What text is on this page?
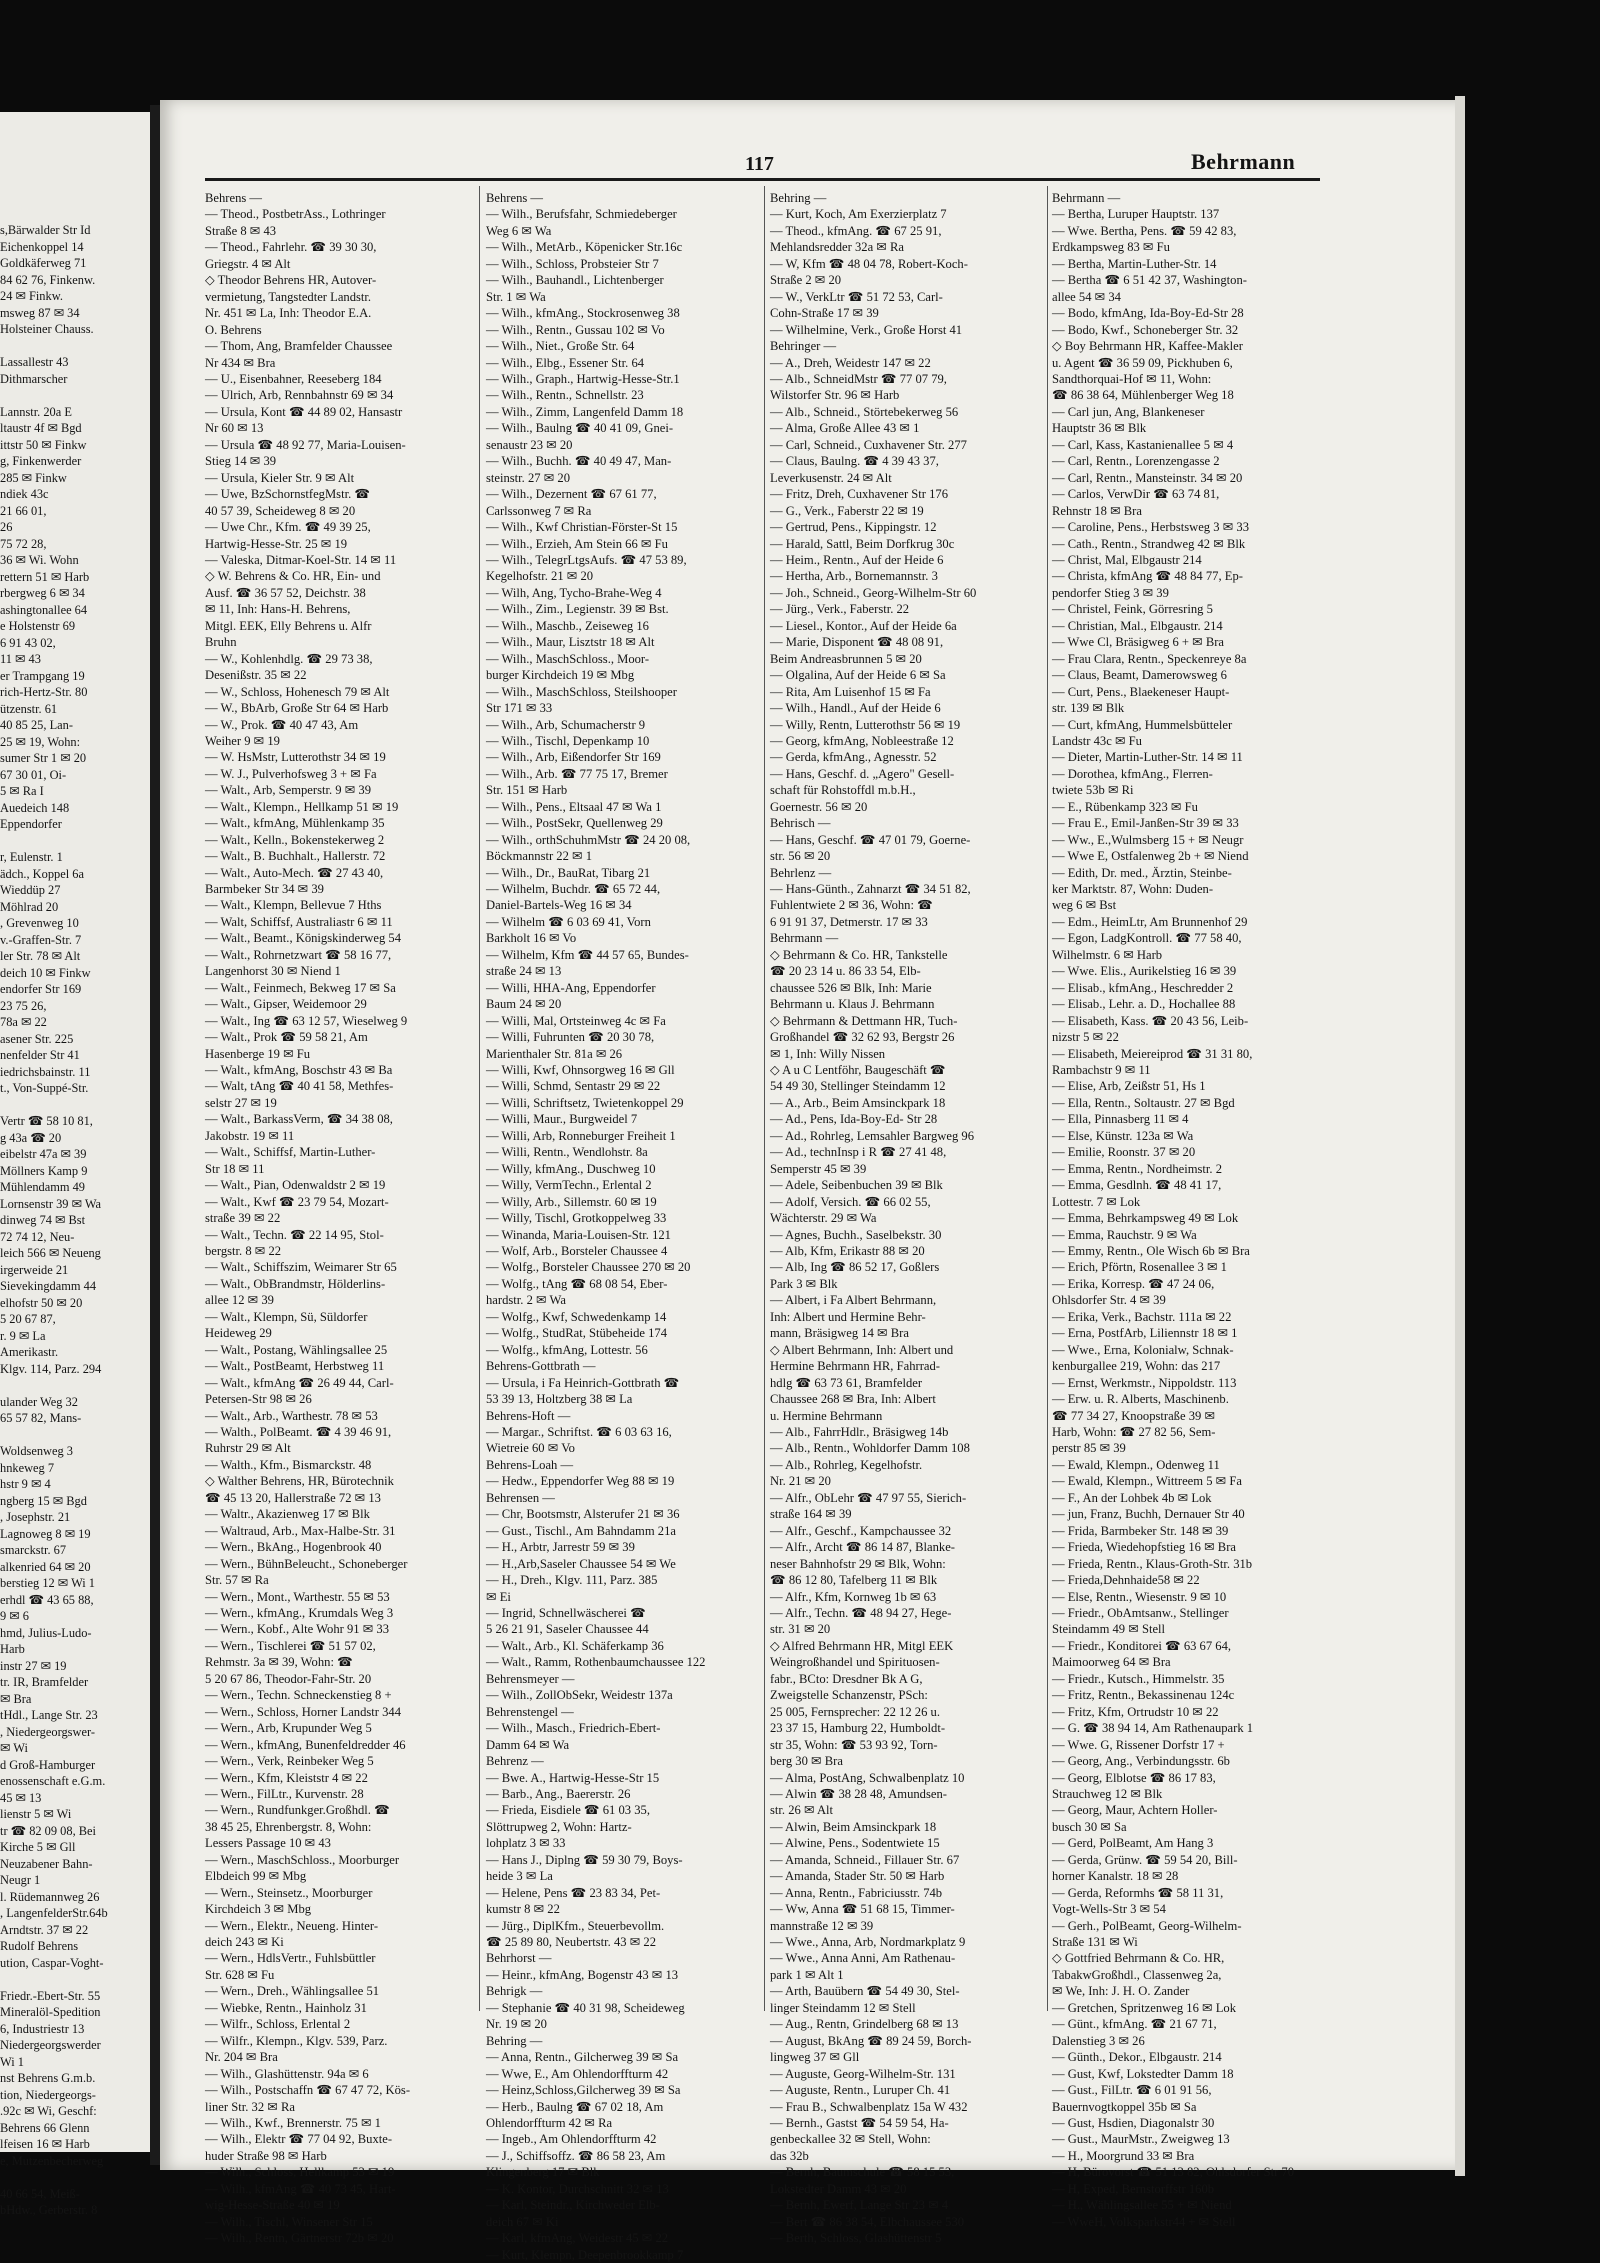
s,Bärwalder Str Id
Eichenkoppel 14
Goldkäferweg 71
84 62 76, Finkenw.
24 ✉ Finkw.
msweg 87 ✉ 34
Holsteiner Chauss.

Lassallestr 43
Dithmarscher

Lannstr. 20a E
ltaustr 4f ✉ Bgd
ittstr 50 ✉ Finkw
g, Finkenwerder
285 ✉ Finkw
ndiek 43c
21 66 01,
26
75 72 28,
36 ✉ Wi. Wohn
rettern 51 ✉ Harb
rbergweg 6 ✉ 34
ashingtonallee 64
e Holstenstr 69
6 91 43 02,
11 ✉ 43
er Trampgang 19
rich-Hertz-Str. 80
ützenstr. 61
40 85 25, Lan-
25 ✉ 19, Wohn:
sumer Str 1 ✉ 20
67 30 01, Oi-
5 ✉ Ra I
Auedeich 148
Eppendorfer

r, Eulenstr. 1
ädch., Koppel 6a
Wieddüp 27
Möhlrad 20
, Grevenweg 10
v.-Graffen-Str. 7
ler Str. 78 ✉ Alt
deich 10 ✉ Finkw
endorfer Str 169
23 75 26,
78a ✉ 22
asener Str. 225
nenfelder Str 41
iedrichsbainstr. 11
t., Von-Suppé-Str.

Vertr ☎ 58 10 81,
g 43a ☎ 20
eibelstr 47a ✉ 39
Möllners Kamp 9
Mühlendamm 49
Lornsenstr 39 ✉ Wa
dinweg 74 ✉ Bst
72 74 12, Neu-
leich 566 ✉ Neueng
irgerweide 21
Sievekingdamm 44
elhofstr 50 ✉ 20
5 20 67 87,
r. 9 ✉ La
Amerikastr.
Klgv. 114, Parz. 294

ulander Weg 32
65 57 82, Mans-

Woldsenweg 3
hnkeweg 7
hstr 9 ✉ 4
ngberg 15 ✉ Bgd
, Josephstr. 21
Lagnoweg 8 ✉ 19
smarckstr. 67
alkenried 64 ✉ 20
berstieg 12 ✉ Wi 1
erhdl ☎ 43 65 88,
9 ✉ 6
hmd, Julius-Ludo-
Harb
instr 27 ✉ 19
tr. IR, Bramfelder
✉ Bra
tHdl., Lange Str. 23
, Niedergeorgswer-
✉ Wi
d Groß-Hamburger
enossenschaft e.G.m.
45 ✉ 13
lienstr 5 ✉ Wi
tr ☎ 82 09 08, Bei
Kirche 5 ✉ Gll
Neuzabener Bahn-
Neugr 1
l. Rüdemannweg 26
, LangenfelderStr.64b
Arndtstr. 37 ✉ 22
Rudolf Behrens
ution, Caspar-Voght-

Friedr.-Ebert-Str. 55
Mineralöl-Spedition
6, Industriestr 13
Niedergeorgswerder
Wi 1
nst Behrens G.m.b.
tion, Niedergeorgs-
.92c ✉ Wi, Geschf:
Behrens 66 Glenn
lfeisen 16 ✉ Harb
e, Mutzenbecherweg

40 66 54, Meiß-
bHdw., Gerberstr. 8
117	Behrmann
Behrens —
— Theod., PostbetrAss., Lothringer
Straße 8 ✉ 43
— Theod., Fahrlehr. ☎ 39 30 30,
Griegstr. 4 ✉ Alt
◇ Theodor Behrens HR, Autover-
vermietung, Tangstedter Landstr.
Nr. 451 ✉ La, Inh: Theodor E.A.
O. Behrens
— Thom, Ang, Bramfelder Chaussee
Nr 434 ✉ Bra
— U., Eisenbahner, Reeseberg 184
— Ulrich, Arb, Rennbahnstr 69 ✉ 34
— Ursula, Kont ☎ 44 89 02, Hansastr
Nr 60 ✉ 13
— Ursula ☎ 48 92 77, Maria-Louisen-
Stieg 14 ✉ 39
— Ursula, Kieler Str. 9 ✉ Alt
— Uwe, BzSchornstfegMstr. ☎
40 57 39, Scheideweg 8 ✉ 20
— Uwe Chr., Kfm. ☎ 49 39 25,
Hartwig-Hesse-Str. 25 ✉ 19
— Valeska, Ditmar-Koel-Str. 14 ✉ 11
◇ W. Behrens & Co. HR, Ein- und
Ausf. ☎ 36 57 52, Deichstr. 38
✉ 11, Inh: Hans-H. Behrens,
Mitgl. EEK, Elly Behrens u. Alfr
Bruhn
— W., Kohlenhdlg. ☎ 29 73 38,
Desenißstr. 35 ✉ 22
— W., Schloss, Hohenesch 79 ✉ Alt
— W., BbArb, Große Str 64 ✉ Harb
— W., Prok. ☎ 40 47 43, Am
Weiher 9 ✉ 19
— W. HsMstr, Lutterothstr 34 ✉ 19
— W. J., Pulverhofsweg 3 + ✉ Fa
— Walt., Arb, Semperstr. 9 ✉ 39
— Walt., Klempn., Hellkamp 51 ✉ 19
— Walt., kfmAng, Mühlenkamp 35
— Walt., Kelln., Bokenstekerweg 2
— Walt., B. Buchhalt., Hallerstr. 72
— Walt., Auto-Mech. ☎ 27 43 40,
Barmbeker Str 34 ✉ 39
— Walt., Klempn, Bellevue 7 Hths
— Walt, Schiffsf, Australiastr 6 ✉ 11
— Walt., Beamt., Königskinderweg 54
— Walt., Rohrnetzwart ☎ 58 16 77,
Langenhorst 30 ✉ Niend 1
— Walt., Feinmech, Bekweg 17 ✉ Sa
— Walt., Gipser, Weidemoor 29
— Walt., Ing ☎ 63 12 57, Wieselweg 9
— Walt., Prok ☎ 59 58 21, Am
Hasenberge 19 ✉ Fu
— Walt., kfmAng, Boschstr 43 ✉ Ba
— Walt, tAng ☎ 40 41 58, Methfes-
selstr 27 ✉ 19
— Walt., BarkassVerm, ☎ 34 38 08,
Jakobstr. 19 ✉ 11
— Walt., Schiffsf, Martin-Luther-
Str 18 ✉ 11
— Walt., Pian, Odenwaldstr 2 ✉ 19
— Walt., Kwf ☎ 23 79 54, Mozart-
straße 39 ✉ 22
— Walt., Techn. ☎ 22 14 95, Stol-
bergstr. 8 ✉ 22
— Walt., Schiffszim, Weimarer Str 65
— Walt., ObBrandmstr, Hölderlins-
allee 12 ✉ 39
— Walt., Klempn, Sü, Süldorfer
Heideweg 29
— Walt., Postang, Wählingsallee 25
— Walt., PostBeamt, Herbstweg 11
— Walt., kfmAng ☎ 26 49 44, Carl-
Petersen-Str 98 ✉ 26
— Walt., Arb., Warthestr. 78 ✉ 53
— Walth., PolBeamt. ☎ 4 39 46 91,
Ruhrstr 29 ✉ Alt
— Walth., Kfm., Bismarckstr. 48
◇ Walther Behrens, HR, Bürotechnik
☎ 45 13 20, Hallerstraße 72 ✉ 13
— Waltr., Akazienweg 17 ✉ Blk
— Waltraud, Arb., Max-Halbe-Str. 31
— Wern., BkAng., Hogenbrook 40
— Wern., BühnBeleucht., Schoneberger
Str. 57 ✉ Ra
— Wern., Mont., Warthestr. 55 ✉ 53
— Wern., kfmAng., Krumdals Weg 3
— Wern., Kobf., Alte Wohr 91 ✉ 33
— Wern., Tischlerei ☎ 51 57 02,
Rehmstr. 3a ✉ 39, Wohn: ☎
5 20 67 86, Theodor-Fahr-Str. 20
— Wern., Techn. Schneckenstieg 8 +
— Wern., Schloss, Horner Landstr 344
— Wern., Arb, Krupunder Weg 5
— Wern., kfmAng, Bunenfeldredder 46
— Wern., Verk, Reinbeker Weg 5
— Wern., Kfm, Kleiststr 4 ✉ 22
— Wern., FilLtr., Kurvenstr. 28
— Wern., Rundfunkger.Großhdl. ☎
38 45 25, Ehrenbergstr. 8, Wohn:
Lessers Passage 10 ✉ 43
— Wern., MaschSchloss., Moorburger
Elbdeich 99 ✉ Mbg
— Wern., Steinsetz., Moorburger
Kirchdeich 3 ✉ Mbg
— Wern., Elektr., Neueng. Hinter-
deich 243 ✉ Ki
— Wern., HdlsVertr., Fuhlsbüttler
Str. 628 ✉ Fu
— Wern., Dreh., Wählingsallee 51
— Wiebke, Rentn., Hainholz 31
— Wilfr., Schloss, Erlental 2
— Wilfr., Klempn., Klgv. 539, Parz.
Nr. 204 ✉ Bra
— Wilh., Glashüttenstr. 94a ✉ 6
— Wilh., Postschaffn ☎ 67 47 72, Kös-
liner Str. 32 ✉ Ra
— Wilh., Kwf., Brennerstr. 75 ✉ 1
— Wilh., Elektr ☎ 77 04 92, Buxte-
huder Straße 98 ✉ Harb
— Wilh., Schloss, Hellkamp 53 ✉ 19
— Wilh., kfmAng ☎ 40 73 45, Hart-
wig-Hesse-Straße 40 ✉ 19
— Wilh., Tischl, Winsener Str 15
— Wilh., Rentn, Gärtnerstr 72b ✉ 20
Behrens —
— Wilh., Berufsfahr, Schmiedeberger
Weg 6 ✉ Wa
— Wilh., MetArb., Köpenicker Str.16c
— Wilh., Schloss, Probsteier Str 7
— Wilh., Bauhandl., Lichtenberger
Str. 1 ✉ Wa
— Wilh., kfmAng., Stockrosenweg 38
— Wilh., Rentn., Gussau 102 ✉ Vo
— Wilh., Niet., Große Str. 64
— Wilh., Elbg., Essener Str. 64
— Wilh., Graph., Hartwig-Hesse-Str.1
— Wilh., Rentn., Schnellstr. 23
— Wilh., Zimm, Langenfeld Damm 18
— Wilh., Baulng ☎ 40 41 09, Gnei-
senaustr 23 ✉ 20
— Wilh., Buchh. ☎ 40 49 47, Man-
steinstr. 27 ✉ 20
— Wilh., Dezernent ☎ 67 61 77,
Carlssonweg 7 ✉ Ra
— Wilh., Kwf Christian-Förster-St 15
— Wilh., Erzieh, Am Stein 66 ✉ Fu
— Wilh., TelegrLtgsAufs. ☎ 47 53 89,
Kegelhofstr. 21 ✉ 20
— Wilh, Ang, Tycho-Brahe-Weg 4
— Wilh., Zim., Legienstr. 39 ✉ Bst.
— Wilh., Maschb., Zeiseweg 16
— Wilh., Maur, Lisztstr 18 ✉ Alt
— Wilh., MaschSchloss., Moor-
burger Kirchdeich 19 ✉ Mbg
— Wilh., MaschSchloss, Steilshooper
Str 171 ✉ 33
— Wilh., Arb, Schumacherstr 9
— Wilh., Tischl, Depenkamp 10
— Wilh., Arb, Eißendorfer Str 169
— Wilh., Arb. ☎ 77 75 17, Bremer
Str. 151 ✉ Harb
— Wilh., Pens., Eltsaal 47 ✉ Wa 1
— Wilh., PostSekr, Quellenweg 29
— Wilh., orthSchuhmMstr ☎ 24 20 08,
Böckmannstr 22 ✉ 1
— Wilh., Dr., BauRat, Tibarg 21
— Wilhelm, Buchdr. ☎ 65 72 44,
Daniel-Bartels-Weg 16 ✉ 34
— Wilhelm ☎ 6 03 69 41, Vorn
Barkholt 16 ✉ Vo
— Wilhelm, Kfm ☎ 44 57 65, Bundes-
straße 24 ✉ 13
— Willi, HHA-Ang, Eppendorfer
Baum 24 ✉ 20
— Willi, Mal, Ortsteinweg 4c ✉ Fa
— Willi, Fuhrunten ☎ 20 30 78,
Marienthaler Str. 81a ✉ 26
— Willi, Kwf, Ohnsorgweg 16 ✉ Gll
— Willi, Schmd, Sentastr 29 ✉ 22
— Willi, Schriftsetz, Twietenkoppel 29
— Willi, Maur., Burgweidel 7
— Willi, Arb, Ronneburger Freiheit 1
— Willi, Rentn., Wendlohstr. 8a
— Willy, kfmAng., Duschweg 10
— Willy, VermTechn., Erlental 2
— Willy, Arb., Sillemstr. 60 ✉ 19
— Willy, Tischl, Grotkoppelweg 33
— Winanda, Maria-Louisen-Str. 121
— Wolf, Arb., Borsteler Chaussee 4
— Wolfg., Borsteler Chaussee 270 ✉ 20
— Wolfg., tAng ☎ 68 08 54, Eber-
hardstr. 2 ✉ Wa
— Wolfg., Kwf, Schwedenkamp 14
— Wolfg., StudRat, Stübeheide 174
— Wolfg., kfmAng, Lottestr. 56
Behrens-Gottbrath —
— Ursula, i Fa Heinrich-Gottbrath ☎
53 39 13, Holtzberg 38 ✉ La
Behrens-Hoft —
— Margar., Schriftst. ☎ 6 03 63 16,
Wietreie 60 ✉ Vo
Behrens-Loah —
— Hedw., Eppendorfer Weg 88 ✉ 19
Behrensen —
— Chr, Bootsmstr, Alsterufer 21 ✉ 36
— Gust., Tischl., Am Bahndamm 21a
— H., Arbtr, Jarrestr 59 ✉ 39
— H.,Arb,Saseler Chaussee 54 ✉ We
— H., Dreh., Klgv. 111, Parz. 385
✉ Ei
— Ingrid, Schnellwäscherei ☎
5 26 21 91, Saseler Chaussee 44
— Walt., Arb., Kl. Schäferkamp 36
— Walt., Ramm, Rothenbaumchaussee 122
Behrensmeyer —
— Wilh., ZollObSekr, Weidestr 137a
Behrenstengel —
— Wilh., Masch., Friedrich-Ebert-
Damm 64 ✉ Wa
Behrenz —
— Bwe. A., Hartwig-Hesse-Str 15
— Barb., Ang., Baererstr. 26
— Frieda, Eisdiele ☎ 61 03 35,
Slöttrupweg 2, Wohn: Hartz-
lohplatz 3 ✉ 33
— Hans J., Diplng ☎ 59 30 79, Boys-
heide 3 ✉ La
— Helene, Pens ☎ 23 83 34, Pet-
kumstr 8 ✉ 22
— Jürg., DiplKfm., Steuerbevollm.
☎ 25 89 80, Neubertstr. 43 ✉ 22
Behrhorst —
— Heinr., kfmAng, Bogenstr 43 ✉ 13
Behrigk —
— Stephanie ☎ 40 31 98, Scheideweg
Nr. 19 ✉ 20
Behring —
— Anna, Rentn., Gilcherweg 39 ✉ Sa
— Wwe, E., Am Ohlendorffturm 42
— Heinz,Schloss,Gilcherweg 39 ✉ Sa
— Herb., Baulng ☎ 67 02 18, Am
Ohlendorffturm 42 ✉ Ra
— Ingeb., Am Ohlendorffturm 42
— J., Schiffsoffz. ☎ 86 58 23, Am
Klingenberg 17 ✉ Blk
— K. Kontor, Durchschnitt 32 ✉ 13
— Karl, Steindr., Kirchweder Elb-
deich 67 ✉ Ki
— Karl, kfmAng, Weidestr 45 ✉ 22
— Kurt, Klempn, Deepenbrookkamp 7
Behring —
— Kurt, Koch, Am Exerzierplatz 7
— Theod., kfmAng. ☎ 67 25 91,
Mehlandsredder 32a ✉ Ra
— W, Kfm ☎ 48 04 78, Robert-Koch-
Straße 2 ✉ 20
— W., VerkLtr ☎ 51 72 53, Carl-
Cohn-Straße 17 ✉ 39
— Wilhelmine, Verk., Große Horst 41
Behringer —
— A., Dreh, Weidestr 147 ✉ 22
— Alb., SchneidMstr ☎ 77 07 79,
Wilstorfer Str. 96 ✉ Harb
— Alb., Schneid., Störtebekerweg 56
— Alma, Große Allee 43 ✉ 1
— Carl, Schneid., Cuxhavener Str. 277
— Claus, Baulng. ☎ 4 39 43 37,
Leverkusenstr. 24 ✉ Alt
— Fritz, Dreh, Cuxhavener Str 176
— G., Verk., Faberstr 22 ✉ 19
— Gertrud, Pens., Kippingstr. 12
— Harald, Sattl, Beim Dorfkrug 30c
— Heim., Rentn., Auf der Heide 6
— Hertha, Arb., Bornemannstr. 3
— Joh., Schneid., Georg-Wilhelm-Str 60
— Jürg., Verk., Faberstr. 22
— Liesel., Kontor., Auf der Heide 6a
— Marie, Disponent ☎ 48 08 91,
Beim Andreasbrunnen 5 ✉ 20
— Olgalina, Auf der Heide 6 ✉ Sa
— Rita, Am Luisenhof 15 ✉ Fa
— Wilh., Handl., Auf der Heide 6
— Willy, Rentn, Lutterothstr 56 ✉ 19
— Georg, kfmAng, Nobleestraße 12
— Gerda, kfmAng., Agnesstr. 52
— Hans, Geschf. d. „Agero" Gesell-
schaft für Rohstoffdl m.b.H.,
Goernestr. 56 ✉ 20
Behrisch —
— Hans, Geschf. ☎ 47 01 79, Goerne-
str. 56 ✉ 20
Behrlenz —
— Hans-Günth., Zahnarzt ☎ 34 51 82,
Fuhlentwiete 2 ✉ 36, Wohn: ☎
6 91 91 37, Detmerstr. 17 ✉ 33
Behrmann —
◇ Behrmann & Co. HR, Tankstelle
☎ 20 23 14 u. 86 33 54, Elb-
chaussee 526 ✉ Blk, Inh: Marie
Behrmann u. Klaus J. Behrmann
◇ Behrmann & Dettmann HR, Tuch-
Großhandel ☎ 32 62 93, Bergstr 26
✉ 1, Inh: Willy Nissen
◇ A u C Lentföhr, Baugeschäft ☎
54 49 30, Stellinger Steindamm 12
— A., Arb., Beim Amsinckpark 18
— Ad., Pens, Ida-Boy-Ed- Str 28
— Ad., Rohrleg, Lemsahler Bargweg 96
— Ad., technInsp i R ☎ 27 41 48,
Semperstr 45 ✉ 39
— Adele, Seibenbuchen 39 ✉ Blk
— Adolf, Versich. ☎ 66 02 55,
Wächterstr. 29 ✉ Wa
— Agnes, Buchh., Saselbekstr. 30
— Alb, Kfm, Erikastr 88 ✉ 20
— Alb, Ing ☎ 86 52 17, Goßlers
Park 3 ✉ Blk
— Albert, i Fa Albert Behrmann,
Inh: Albert und Hermine Behr-
mann, Bräsigweg 14 ✉ Bra
◇ Albert Behrmann, Inh: Albert und
Hermine Behrmann HR, Fahrrad-
hdlg ☎ 63 73 61, Bramfelder
Chaussee 268 ✉ Bra, Inh: Albert
u. Hermine Behrmann
— Alb., FahrrHdlr., Bräsigweg 14b
— Alb., Rentn., Wohldorfer Damm 108
— Alb., Rohrleg, Kegelhofstr.
Nr. 21 ✉ 20
— Alfr., ObLehr ☎ 47 97 55, Sierich-
straße 164 ✉ 39
— Alfr., Geschf., Kampchaussee 32
— Alfr., Archt ☎ 86 14 87, Blanke-
neser Bahnhofstr 29 ✉ Blk, Wohn:
☎ 86 12 80, Tafelberg 11 ✉ Blk
— Alfr., Kfm, Kornweg 1b ✉ 63
— Alfr., Techn. ☎ 48 94 27, Hege-
str. 31 ✉ 20
◇ Alfred Behrmann HR, Mitgl EEK
Weingroßhandel und Spirituosen-
fabr., BCto: Dresdner Bk A G,
Zweigstelle Schanzenstr, PSch:
25 005, Fernsprecher: 22 12 26 u.
23 37 15, Hamburg 22, Humboldt-
str 35, Wohn: ☎ 53 93 92, Torn-
berg 30 ✉ Bra
— Alma, PostAng, Schwalbenplatz 10
— Alwin ☎ 38 28 48, Amundsen-
str. 26 ✉ Alt
— Alwin, Beim Amsinckpark 18
— Alwine, Pens., Sodentwiete 15
— Amanda, Schneid., Fillauer Str. 67
— Amanda, Stader Str. 50 ✉ Harb
— Anna, Rentn., Fabriciusstr. 74b
— Ww, Anna ☎ 51 68 15, Timmer-
mannstraße 12 ✉ 39
— Wwe., Anna, Arb, Nordmarkplatz 9
— Wwe., Anna Anni, Am Rathenau-
park 1 ✉ Alt 1
— Arth, Bauübern ☎ 54 49 30, Stel-
linger Steindamm 12 ✉ Stell
— Aug., Rentn, Grindelberg 68 ✉ 13
— August, BkAng ☎ 89 24 59, Borch-
lingweg 37 ✉ Gll
— Auguste, Georg-Wilhelm-Str. 131
— Auguste, Rentn., Luruper Ch. 41
— Frau B., Schwalbenplatz 15a W 432
— Bernh., Gastst ☎ 54 59 54, Ha-
genbeckallee 32 ✉ Stell, Wohn:
das 32b
— Bernh, Baumschule ☎ 58 15 53,
Lokstedter Damm 43 ✉ 20
— Bernh, Ewerf, Lange Str 23 ✉ 4
— Bert ☎ 86 38 54, Elbchaussee 530
— Berth, Schloss, Glashüttenstr 5
Behrmann —
— Bertha, Luruper Hauptstr. 137
— Wwe. Bertha, Pens. ☎ 59 42 83,
Erdkampsweg 83 ✉ Fu
— Bertha, Martin-Luther-Str. 14
— Bertha ☎ 6 51 42 37, Washington-
allee 54 ✉ 34
— Bodo, kfmAng, Ida-Boy-Ed-Str 28
— Bodo, Kwf., Schoneberger Str. 32
◇ Boy Behrmann HR, Kaffee-Makler
u. Agent ☎ 36 59 09, Pickhuben 6,
Sandthorquai-Hof ✉ 11, Wohn:
☎ 86 38 64, Mühlenberger Weg 18
— Carl jun, Ang, Blankeneser
Hauptstr 36 ✉ Blk
— Carl, Kass, Kastanienallee 5 ✉ 4
— Carl, Rentn., Lorenzengasse 2
— Carl, Rentn., Mansteinstr. 34 ✉ 20
— Carlos, VerwDir ☎ 63 74 81,
Rehnstr 18 ✉ Bra
— Caroline, Pens., Herbstsweg 3 ✉ 33
— Cath., Rentn., Strandweg 42 ✉ Blk
— Christ, Mal, Elbgaustr 214
— Christa, kfmAng ☎ 48 84 77, Ep-
pendorfer Stieg 3 ✉ 39
— Christel, Feink, Görresring 5
— Christian, Mal., Elbgaustr. 214
— Wwe Cl, Bräsigweg 6 + ✉ Bra
— Frau Clara, Rentn., Speckenreye 8a
— Claus, Beamt, Damerowsweg 6
— Curt, Pens., Blaekeneser Haupt-
str. 139 ✉ Blk
— Curt, kfmAng, Hummelsbütteler
Landstr 43c ✉ Fu
— Dieter, Martin-Luther-Str. 14 ✉ 11
— Dorothea, kfmAng., Flerren-
twiete 53b ✉ Ri
— E., Rübenkamp 323 ✉ Fu
— Frau E., Emil-Janßen-Str 39 ✉ 33
— Ww., E.,Wulmsberg 15 + ✉ Neugr
— Wwe E, Ostfalenweg 2b + ✉ Niend
— Edith, Dr. med., Ärztin, Steinbe-
ker Marktstr. 87, Wohn: Duden-
weg 6 ✉ Bst
— Edm., HeimLtr, Am Brunnenhof 29
— Egon, LadgKontroll. ☎ 77 58 40,
Wilhelmstr. 6 ✉ Harb
— Wwe. Elis., Aurikelstieg 16 ✉ 39
— Elisab., kfmAng., Heschredder 2
— Elisab., Lehr. a. D., Hochallee 88
— Elisabeth, Kass. ☎ 20 43 56, Leib-
nizstr 5 ✉ 22
— Elisabeth, Meiereiprod ☎ 31 31 80,
Rambachstr 9 ✉ 11
— Elise, Arb, Zeißstr 51, Hs 1
— Ella, Rentn., Soltaustr. 27 ✉ Bgd
— Ella, Pinnasberg 11 ✉ 4
— Else, Künstr. 123a ✉ Wa
— Emilie, Roonstr. 37 ✉ 20
— Emma, Rentn., Nordheimstr. 2
— Emma, Gesdlnh. ☎ 48 41 17,
Lottestr. 7 ✉ Lok
— Emma, Behrkampsweg 49 ✉ Lok
— Emma, Rauchstr. 9 ✉ Wa
— Emmy, Rentn., Ole Wisch 6b ✉ Bra
— Erich, Pförtn, Rosenallee 3 ✉ 1
— Erika, Korresp. ☎ 47 24 06,
Ohlsdorfer Str. 4 ✉ 39
— Erika, Verk., Bachstr. 111a ✉ 22
— Erna, PostfArb, Liliennstr 18 ✉ 1
— Wwe., Erna, Kolonialw, Schnak-
kenburgallee 219, Wohn: das 217
— Ernst, Werkmstr., Nippoldstr. 113
— Erw. u. R. Alberts, Maschinenb.
☎ 77 34 27, Knoopstraße 39 ✉
Harb, Wohn: ☎ 27 82 56, Sem-
perstr 85 ✉ 39
— Ewald, Klempn., Odenweg 11
— Ewald, Klempn., Wittreem 5 ✉ Fa
— F., An der Lohbek 4b ✉ Lok
— jun, Franz, Buchh, Dernauer Str 40
— Frida, Barmbeker Str. 148 ✉ 39
— Frieda, Wiedehopfstieg 16 ✉ Bra
— Frieda, Rentn., Klaus-Groth-Str. 31b
— Frieda,Dehnhaide58 ✉ 22
— Else, Rentn., Wiesenstr. 9 ✉ 10
— Friedr., ObAmtsanw., Stellinger
Steindamm 49 ✉ Stell
— Friedr., Konditorei ☎ 63 67 64,
Maimoorweg 64 ✉ Bra
— Friedr., Kutsch., Himmelstr. 35
— Fritz, Rentn., Bekassinenau 124c
— Fritz, Kfm, Ortrudstr 10 ✉ 22
— G. ☎ 38 94 14, Am Rathenaupark 1
— Wwe. G, Rissener Dorfstr 17 +
— Georg, Ang., Verbindungsstr. 6b
— Georg, Elblotse ☎ 86 17 83,
Strauchweg 12 ✉ Blk
— Georg, Maur, Achtern Holler-
busch 30 ✉ Sa
— Gerd, PolBeamt, Am Hang 3
— Gerda, Grünw. ☎ 59 54 20, Bill-
horner Kanalstr. 18 ✉ 28
— Gerda, Reformhs ☎ 58 11 31,
Vogt-Wells-Str 3 ✉ 54
— Gerh., PolBeamt, Georg-Wilhelm-
Straße 131 ✉ Wi
◇ Gottfried Behrmann & Co. HR,
TabakwGroßhdl., Classenweg 2a,
✉ We, Inh: J. H. O. Zander
— Gretchen, Spritzenweg 16 ✉ Lok
— Günt., kfmAng. ☎ 21 67 71,
Dalenstieg 3 ✉ 26
— Günth., Dekor., Elbgaustr. 214
— Gust, Kwf, Lokstedter Damm 18
— Gust., FilLtr. ☎ 6 01 91 56,
Bauernvogtkoppel 35b ✉ Sa
— Gust, Hsdien, Diagonalstr 30
— Gust., MaurMstr., Zweigweg 13
— H., Moorgrund 33 ✉ Bra
— H, Bürovorst ☎ 51 13 82, Ohlsdorfer Str 70
— H, Exped, Bernstorffstr 160b
— H., Wählingsallee 55 + ✉ Niend
— WweH, Volksparkstr44 + ✉ Stell
